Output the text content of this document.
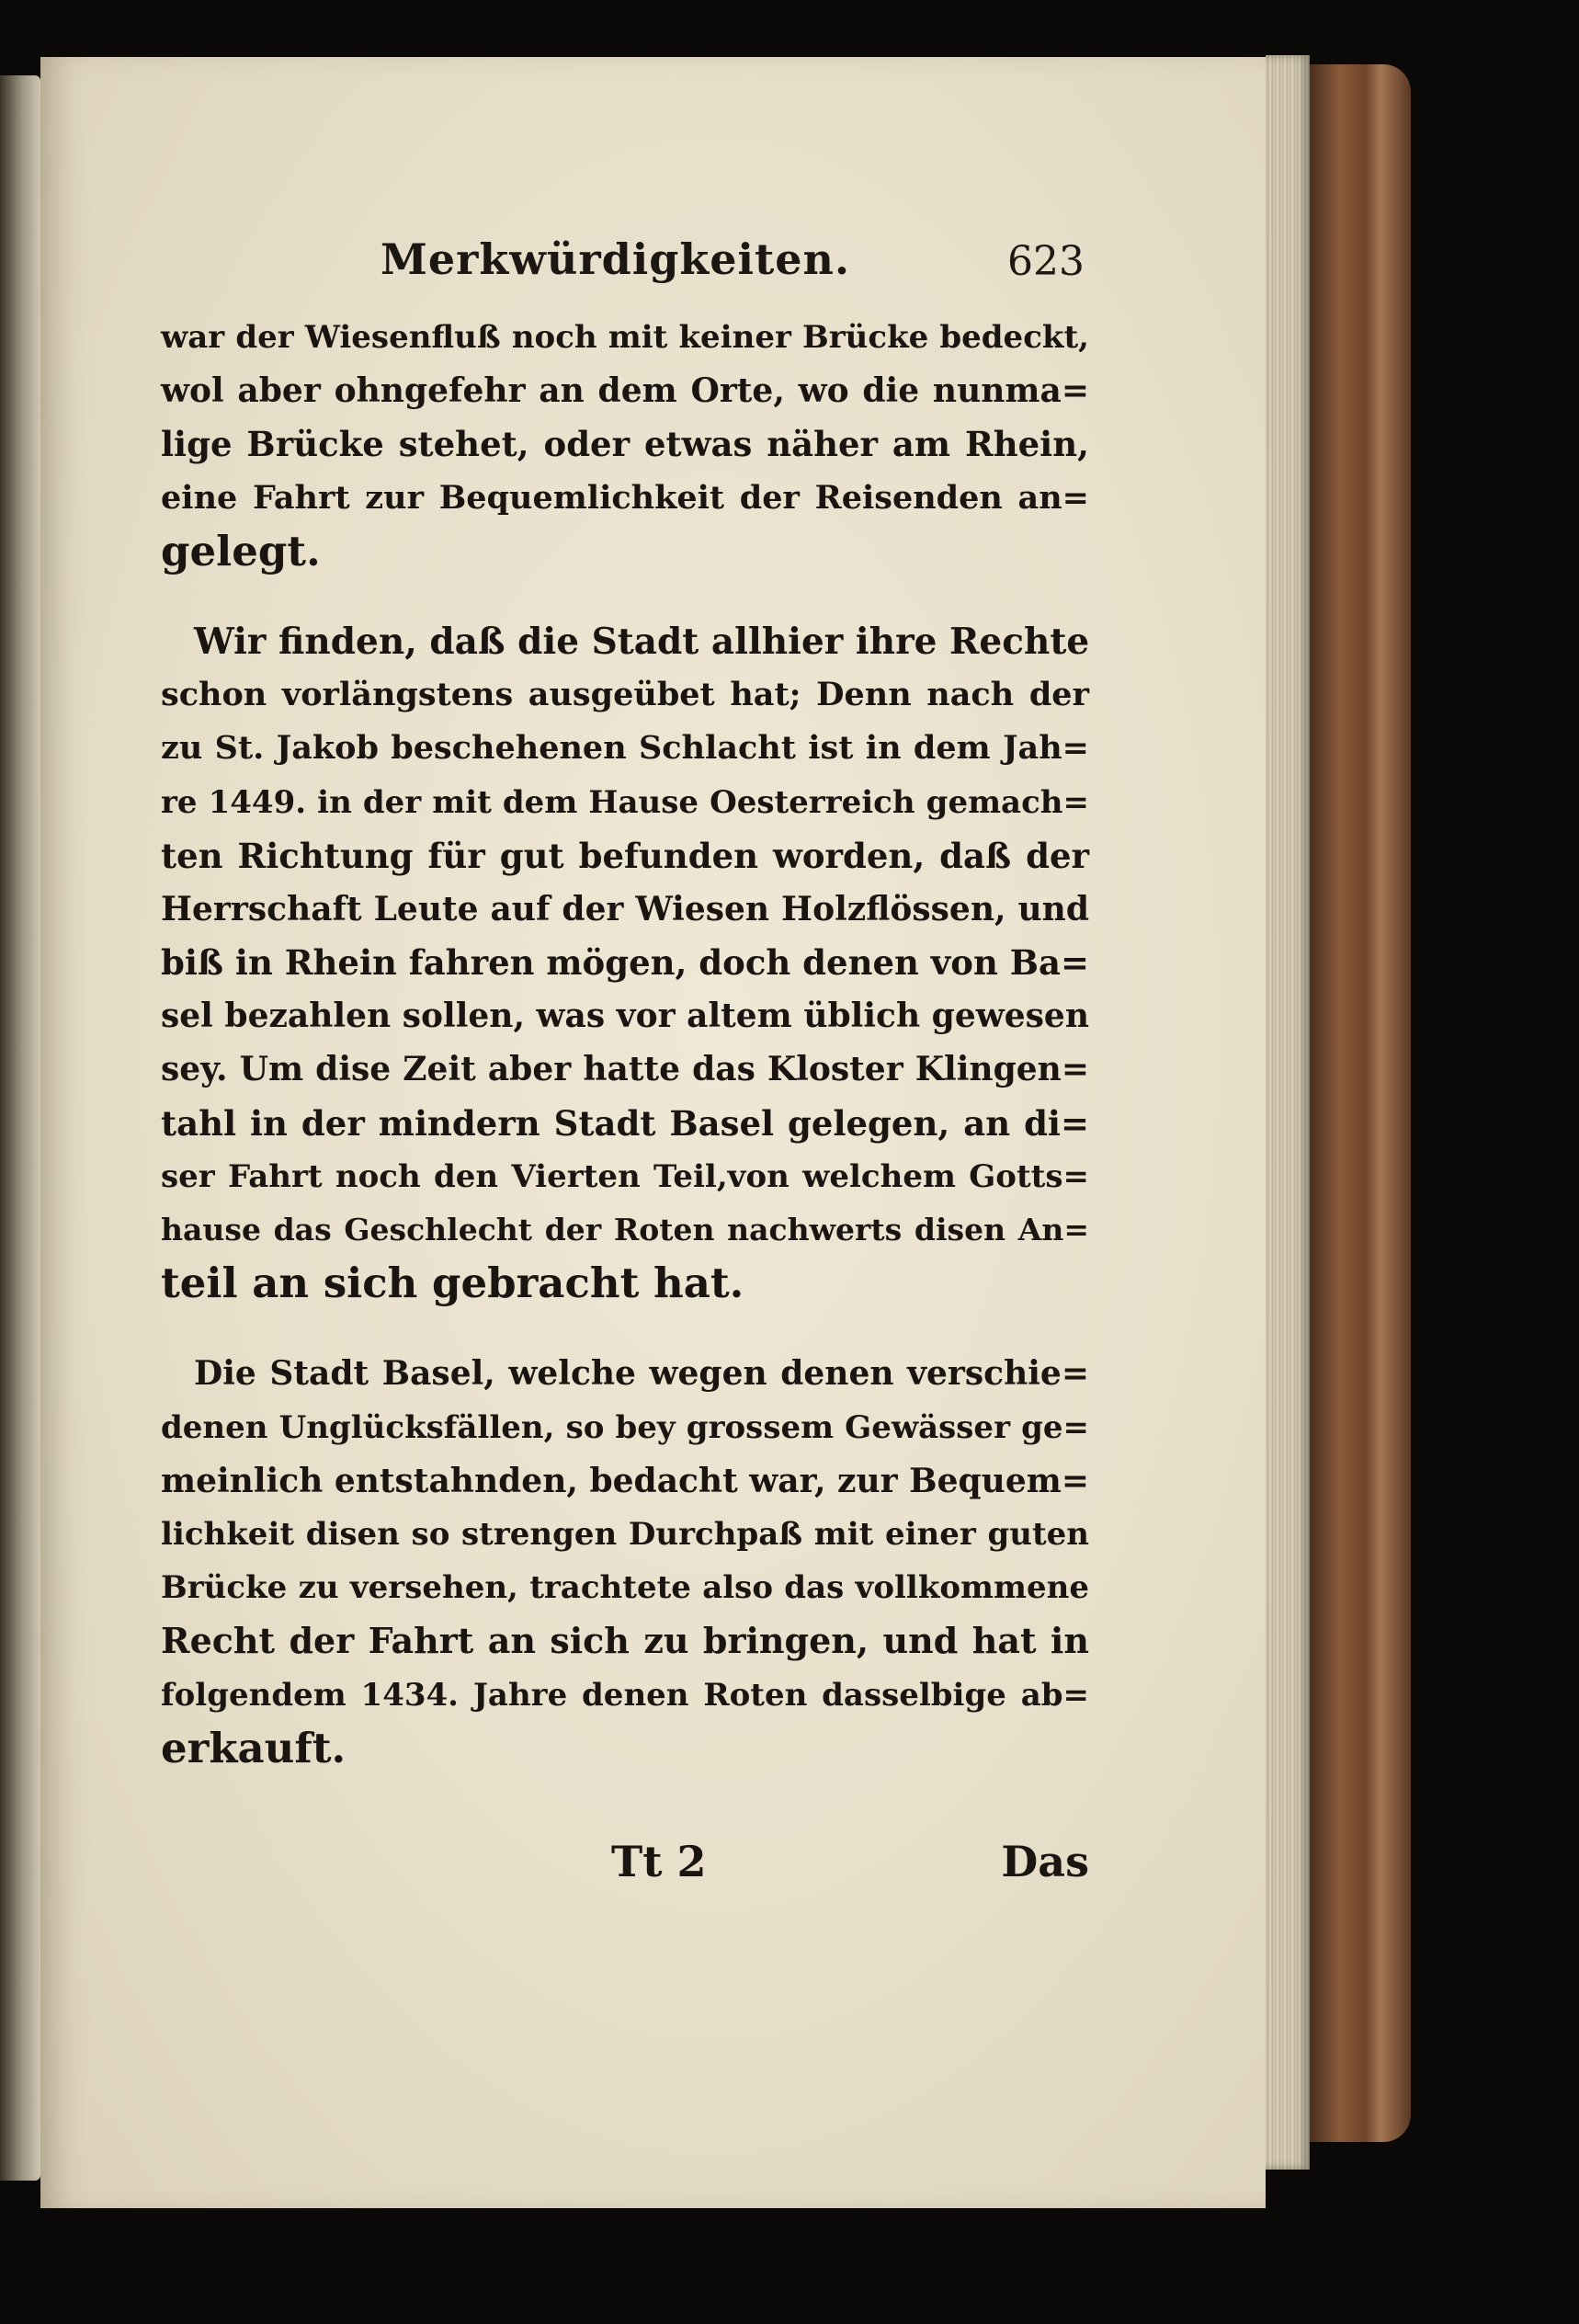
Merkwürdigkeiten.	623
war der Wiesenfluß noch mit keiner Brücke bedeckt,
wol aber ohngefehr an dem Orte, wo die nunma=
lige Brücke stehet, oder etwas näher am Rhein,
eine Fahrt zur Bequemlichkeit der Reisenden an=
gelegt.
Wir finden, daß die Stadt allhier ihre Rechte
schon vorlängstens ausgeübet hat; Denn nach der
zu St. Jakob beschehenen Schlacht ist in dem Jah=
re 1449. in der mit dem Hause Oesterreich gemach=
ten Richtung für gut befunden worden, daß der
Herrschaft Leute auf der Wiesen Holzflössen, und
biß in Rhein fahren mögen, doch denen von Ba=
sel bezahlen sollen, was vor altem üblich gewesen
sey. Um dise Zeit aber hatte das Kloster Klingen=
tahl in der mindern Stadt Basel gelegen, an di=
ser Fahrt noch den Vierten Teil,von welchem Gotts=
hause das Geschlecht der Roten nachwerts disen An=
teil an sich gebracht hat.
Die Stadt Basel, welche wegen denen verschie=
denen Unglücksfällen, so bey grossem Gewässer ge=
meinlich entstahnden, bedacht war, zur Bequem=
lichkeit disen so strengen Durchpaß mit einer guten
Brücke zu versehen, trachtete also das vollkommene
Recht der Fahrt an sich zu bringen, und hat in
folgendem 1434. Jahre denen Roten dasselbige ab=
erkauft.
Tt 2	Das
